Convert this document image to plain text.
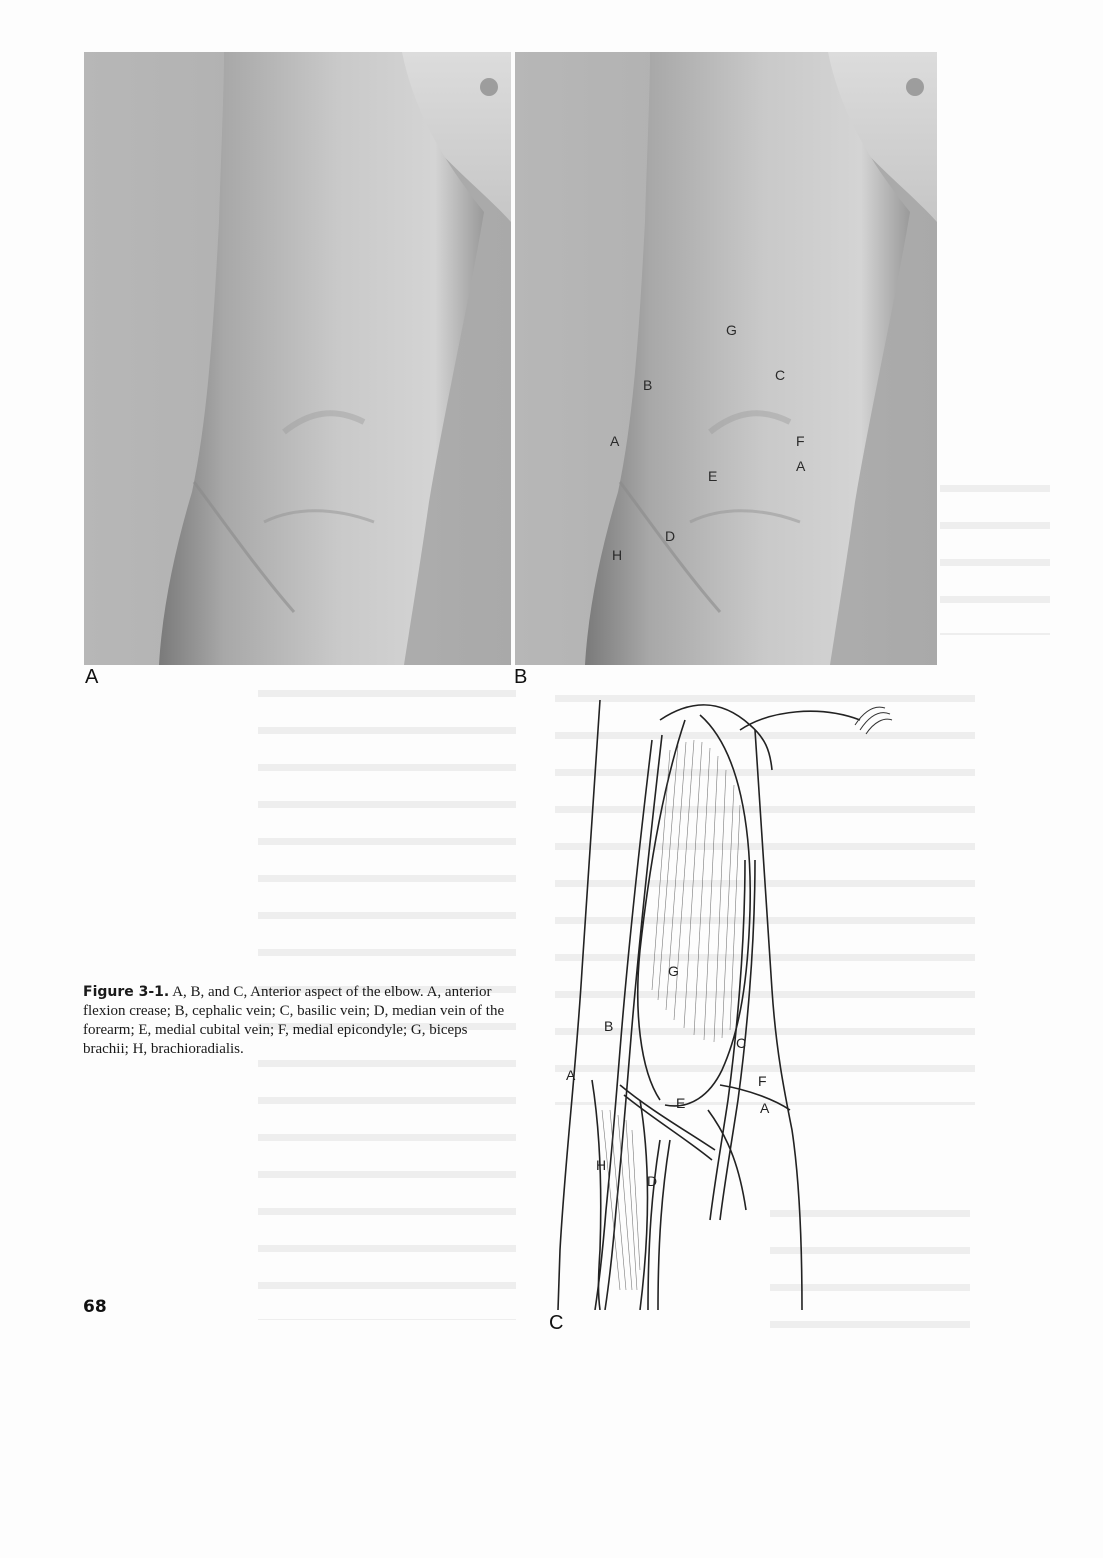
A	B
G
C
B
A	F
A
E
D
H
C
G
B
C
A	F
E	A
H
D
Figure 3-1. A, B, and C, Anterior aspect of the elbow. A, anterior flexion crease; B, cephalic vein; C, basilic vein; D, median vein of the forearm; E, medial cubital vein; F, medial epicondyle; G, biceps brachii; H, brachioradialis.
68
